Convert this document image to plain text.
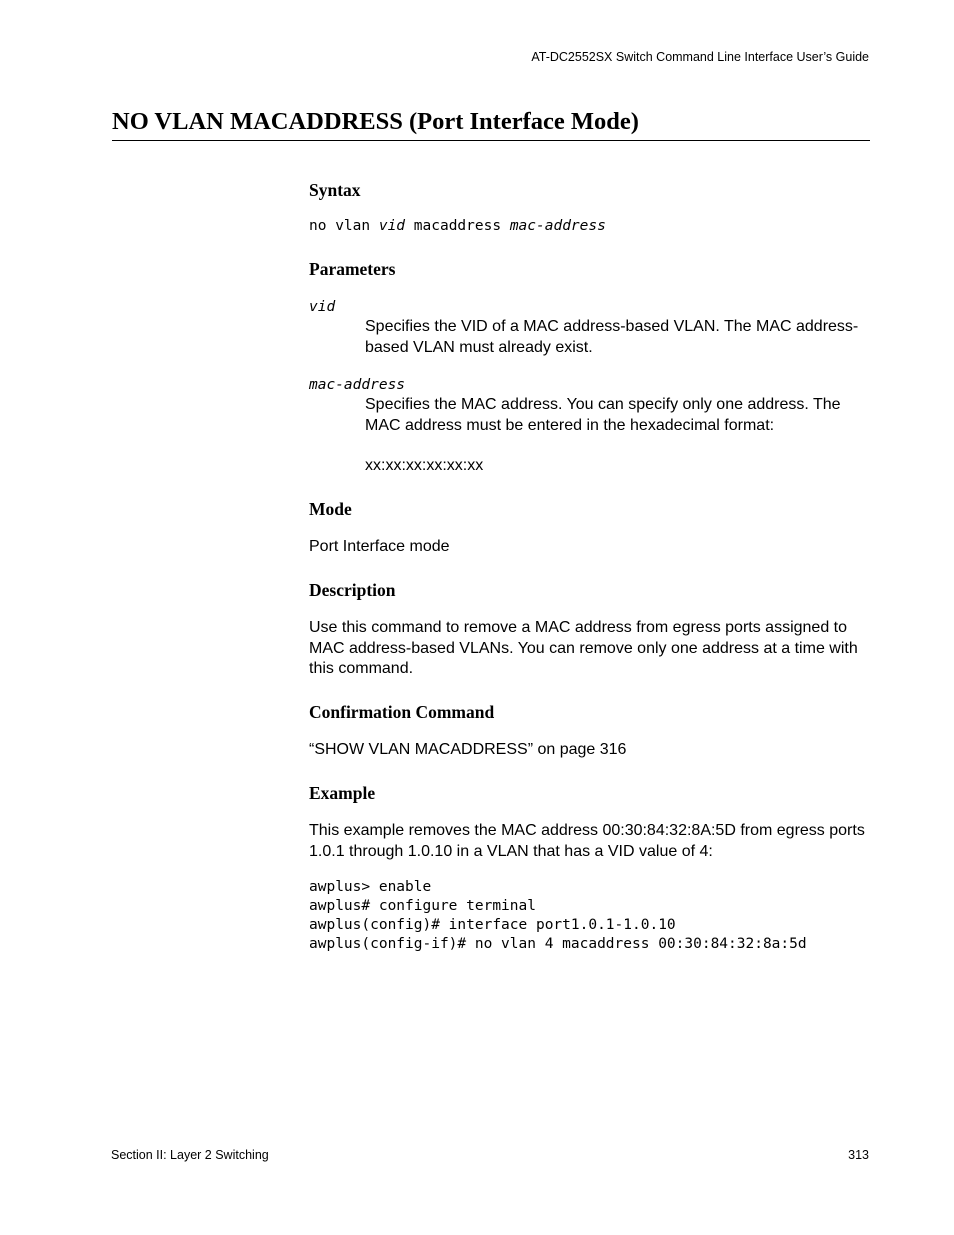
AT-DC2552SX Switch Command Line Interface User’s Guide
NO VLAN MACADDRESS (Port Interface Mode)
Syntax
no vlan vid macaddress mac-address
Parameters
vid
Specifies the VID of a MAC address-based VLAN. The MAC address-based VLAN must already exist.
mac-address
Specifies the MAC address. You can specify only one address. The MAC address must be entered in the hexadecimal format:
xx:xx:xx:xx:xx:xx
Mode
Port Interface mode
Description
Use this command to remove a MAC address from egress ports assigned to MAC address-based VLANs. You can remove only one address at a time with this command.
Confirmation Command
“SHOW VLAN MACADDRESS” on page 316
Example
This example removes the MAC address 00:30:84:32:8A:5D from egress ports 1.0.1 through 1.0.10 in a VLAN that has a VID value of 4:
awplus> enable
awplus# configure terminal
awplus(config)# interface port1.0.1-1.0.10
awplus(config-if)# no vlan 4 macaddress 00:30:84:32:8a:5d
Section II: Layer 2 Switching	313
